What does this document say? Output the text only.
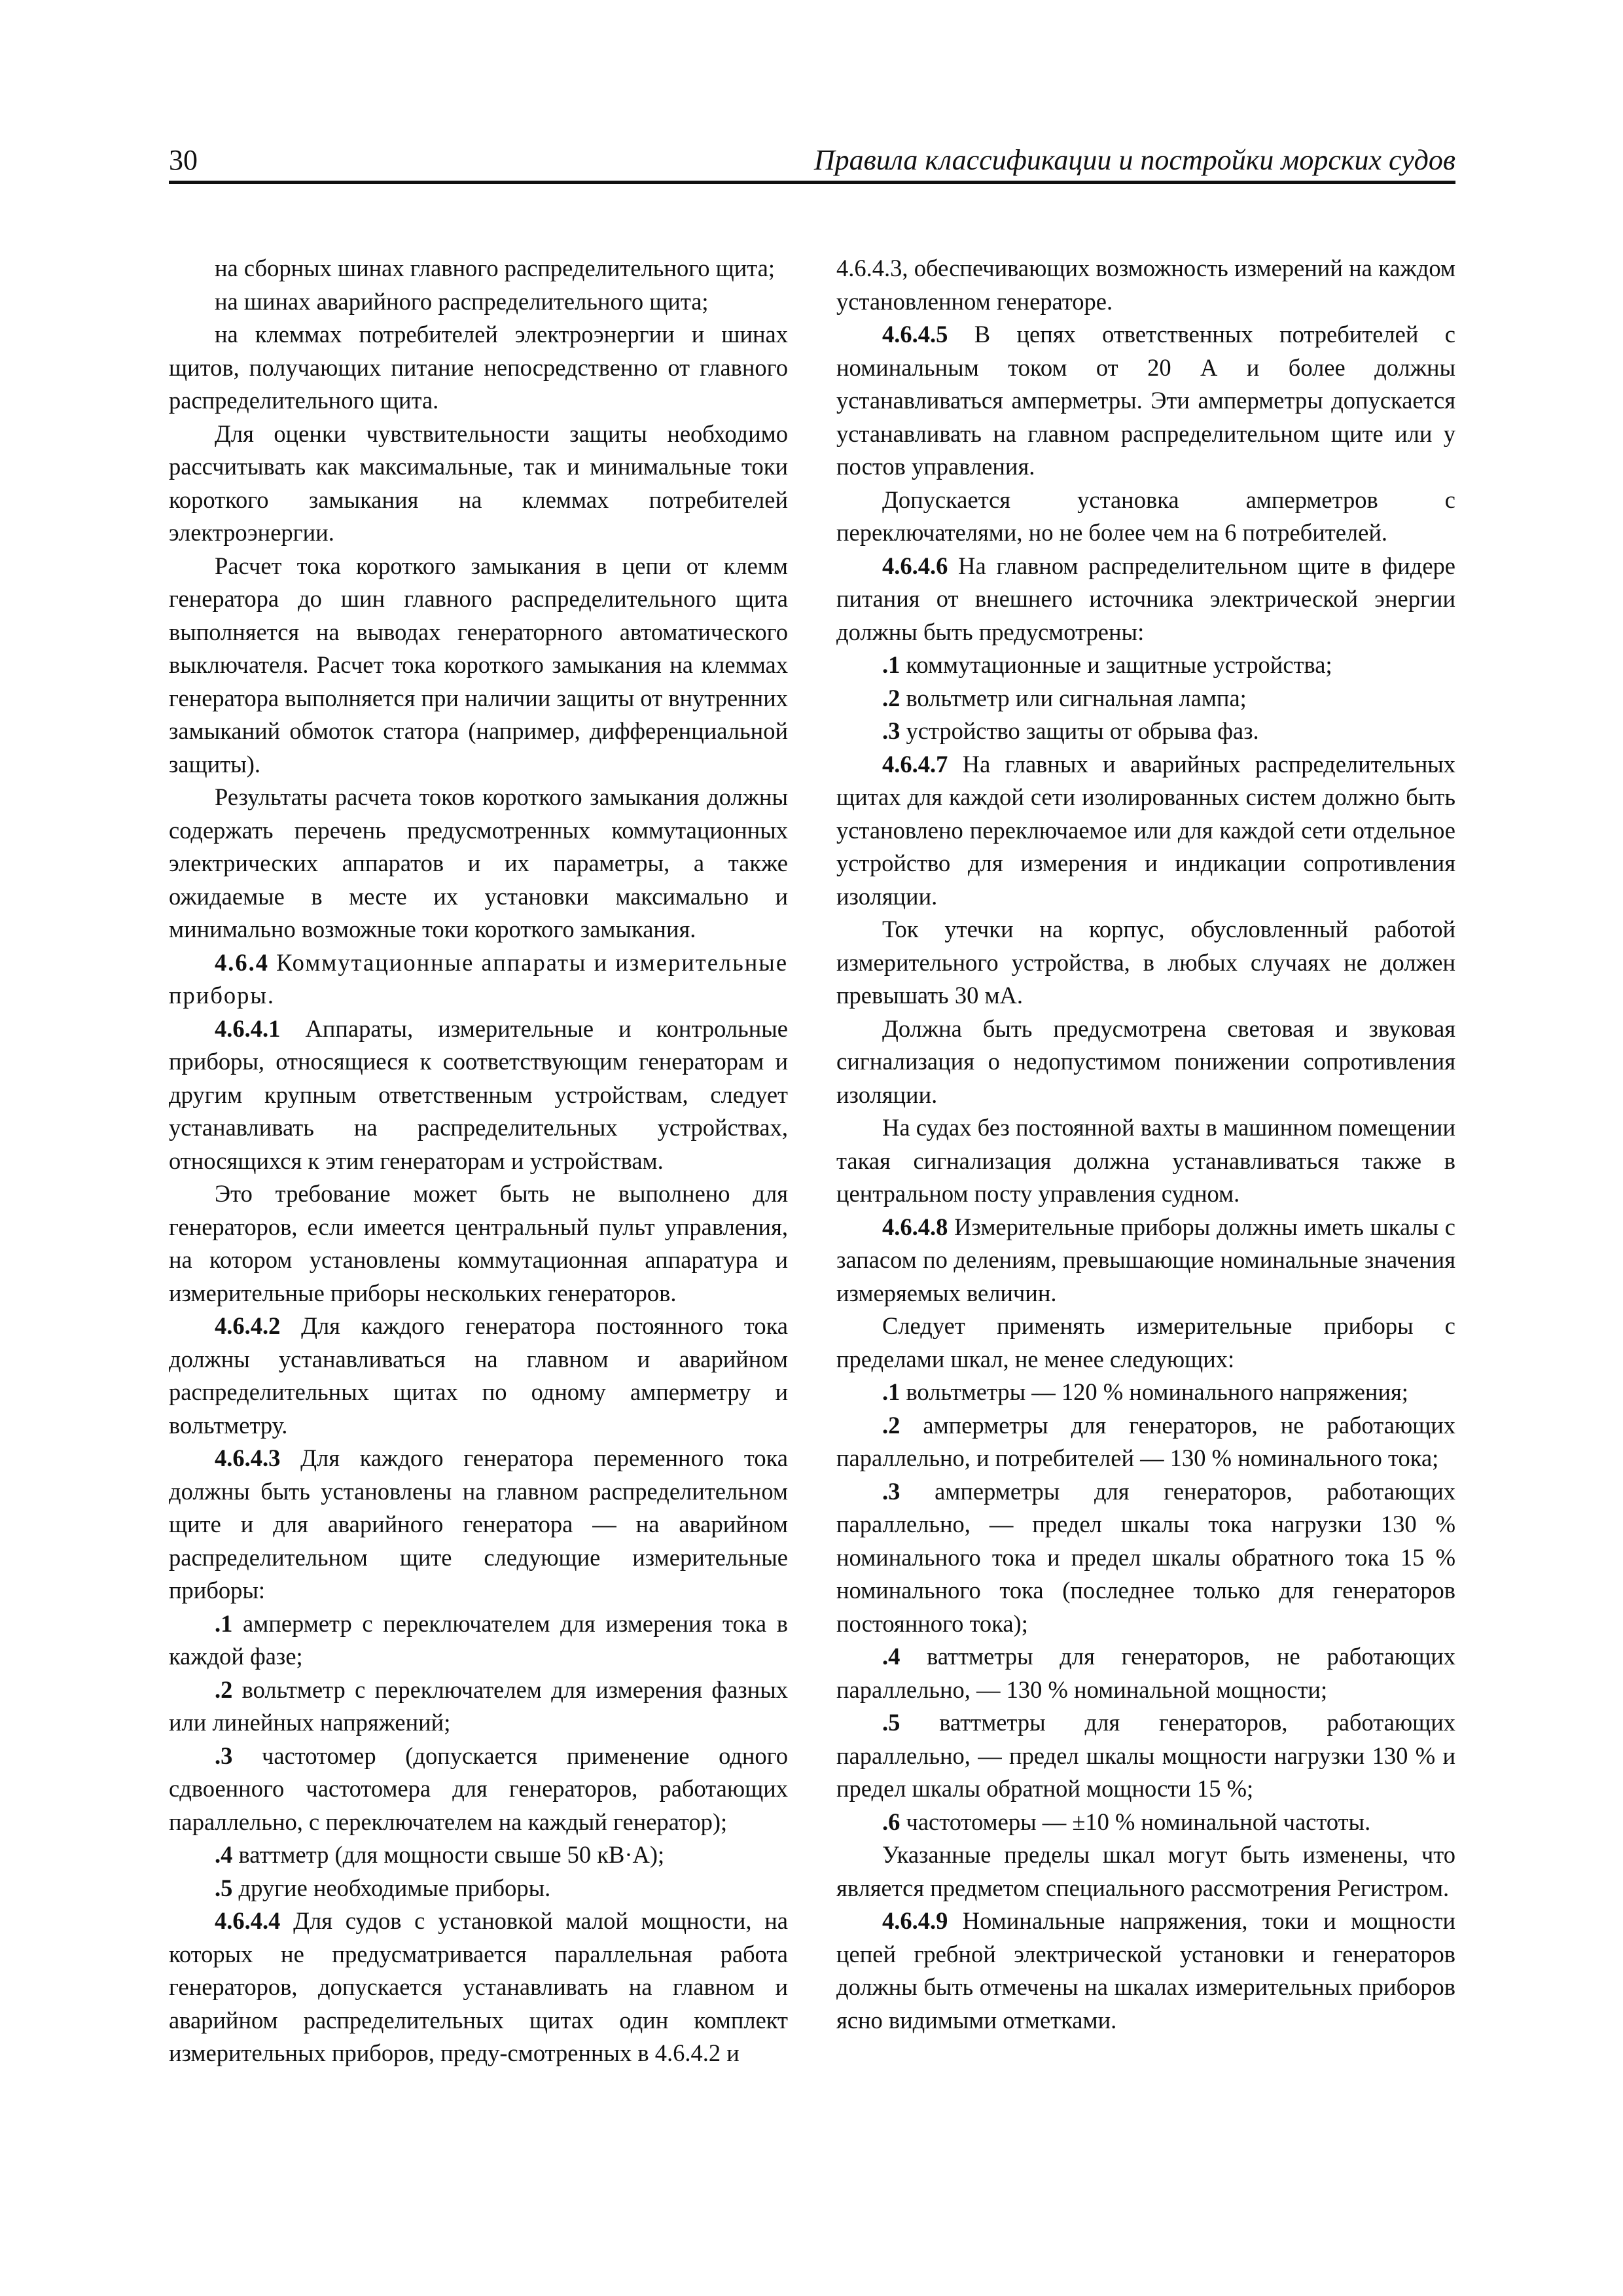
30	Правила классификации и постройки морских судов

на сборных шинах главного распределительного щита;

на шинах аварийного распределительного щита;

на клеммах потребителей электроэнергии и шинах щитов, получающих питание непосредственно от главного распределительного щита.

Для оценки чувствительности защиты необходимо рассчитывать как максимальные, так и минимальные токи короткого замыкания на клеммах потребителей электроэнергии.

Расчет тока короткого замыкания в цепи от клемм генератора до шин главного распределительного щита выполняется на выводах генераторного автоматического выключателя. Расчет тока короткого замыкания на клеммах генератора выполняется при наличии защиты от внутренних замыканий обмоток статора (например, дифференциальной защиты).

Результаты расчета токов короткого замыкания должны содержать перечень предусмотренных коммутационных электрических аппаратов и их параметры, а также ожидаемые в месте их установки максимально и минимально возможные токи короткого замыкания.

4.6.4 Коммутационные аппараты и измерительные приборы.

4.6.4.1 Аппараты, измерительные и контрольные приборы, относящиеся к соответствующим генераторам и другим крупным ответственным устройствам, следует устанавливать на распределительных устройствах, относящихся к этим генераторам и устройствам.

Это требование может быть не выполнено для генераторов, если имеется центральный пульт управления, на котором установлены коммутационная аппаратура и измерительные приборы нескольких генераторов.

4.6.4.2 Для каждого генератора постоянного тока должны устанавливаться на главном и аварийном распределительных щитах по одному амперметру и вольтметру.

4.6.4.3 Для каждого генератора переменного тока должны быть установлены на главном распределительном щите и для аварийного генератора — на аварийном распределительном щите следующие измерительные приборы:

.1 амперметр с переключателем для измерения тока в каждой фазе;

.2 вольтметр с переключателем для измерения фазных или линейных напряжений;

.3 частотомер (допускается применение одного сдвоенного частотомера для генераторов, работающих параллельно, с переключателем на каждый генератор);

.4 ваттметр (для мощности свыше 50 кВ·А);

.5 другие необходимые приборы.

4.6.4.4 Для судов с установкой малой мощности, на которых не предусматривается параллельная работа генераторов, допускается устанавливать на главном и аварийном распределительных щитах один комплект измерительных приборов, преду-смотренных в 4.6.4.2 и

4.6.4.3, обеспечивающих возможность измерений на каждом установленном генераторе.

4.6.4.5 В цепях ответственных потребителей с номинальным током от 20 А и более должны устанавливаться амперметры. Эти амперметры допускается устанавливать на главном распределительном щите или у постов управления.

Допускается установка амперметров с переключателями, но не более чем на 6 потребителей.

4.6.4.6 На главном распределительном щите в фидере питания от внешнего источника электрической энергии должны быть предусмотрены:

.1 коммутационные и защитные устройства;

.2 вольтметр или сигнальная лампа;

.3 устройство защиты от обрыва фаз.

4.6.4.7 На главных и аварийных распределительных щитах для каждой сети изолированных систем должно быть установлено переключаемое или для каждой сети отдельное устройство для измерения и индикации сопротивления изоляции.

Ток утечки на корпус, обусловленный работой измерительного устройства, в любых случаях не должен превышать 30 мА.

Должна быть предусмотрена световая и звуковая сигнализация о недопустимом понижении сопротивления изоляции.

На судах без постоянной вахты в машинном помещении такая сигнализация должна устанавливаться также в центральном посту управления судном.

4.6.4.8 Измерительные приборы должны иметь шкалы с запасом по делениям, превышающие номинальные значения измеряемых величин.

Следует применять измерительные приборы с пределами шкал, не менее следующих:

.1 вольтметры — 120 % номинального напряжения;

.2 амперметры для генераторов, не работающих параллельно, и потребителей — 130 % номинального тока;

.3 амперметры для генераторов, работающих параллельно, — предел шкалы тока нагрузки 130 % номинального тока и предел шкалы обратного тока 15 % номинального тока (последнее только для генераторов постоянного тока);

.4 ваттметры для генераторов, не работающих параллельно, — 130 % номинальной мощности;

.5 ваттметры для генераторов, работающих параллельно, — предел шкалы мощности нагрузки 130 % и предел шкалы обратной мощности 15 %;

.6 частотомеры — ±10 % номинальной частоты.

Указанные пределы шкал могут быть изменены, что является предметом специального рассмотрения Регистром.

4.6.4.9 Номинальные напряжения, токи и мощности цепей гребной электрической установки и генераторов должны быть отмечены на шкалах измерительных приборов ясно видимыми отметками.
